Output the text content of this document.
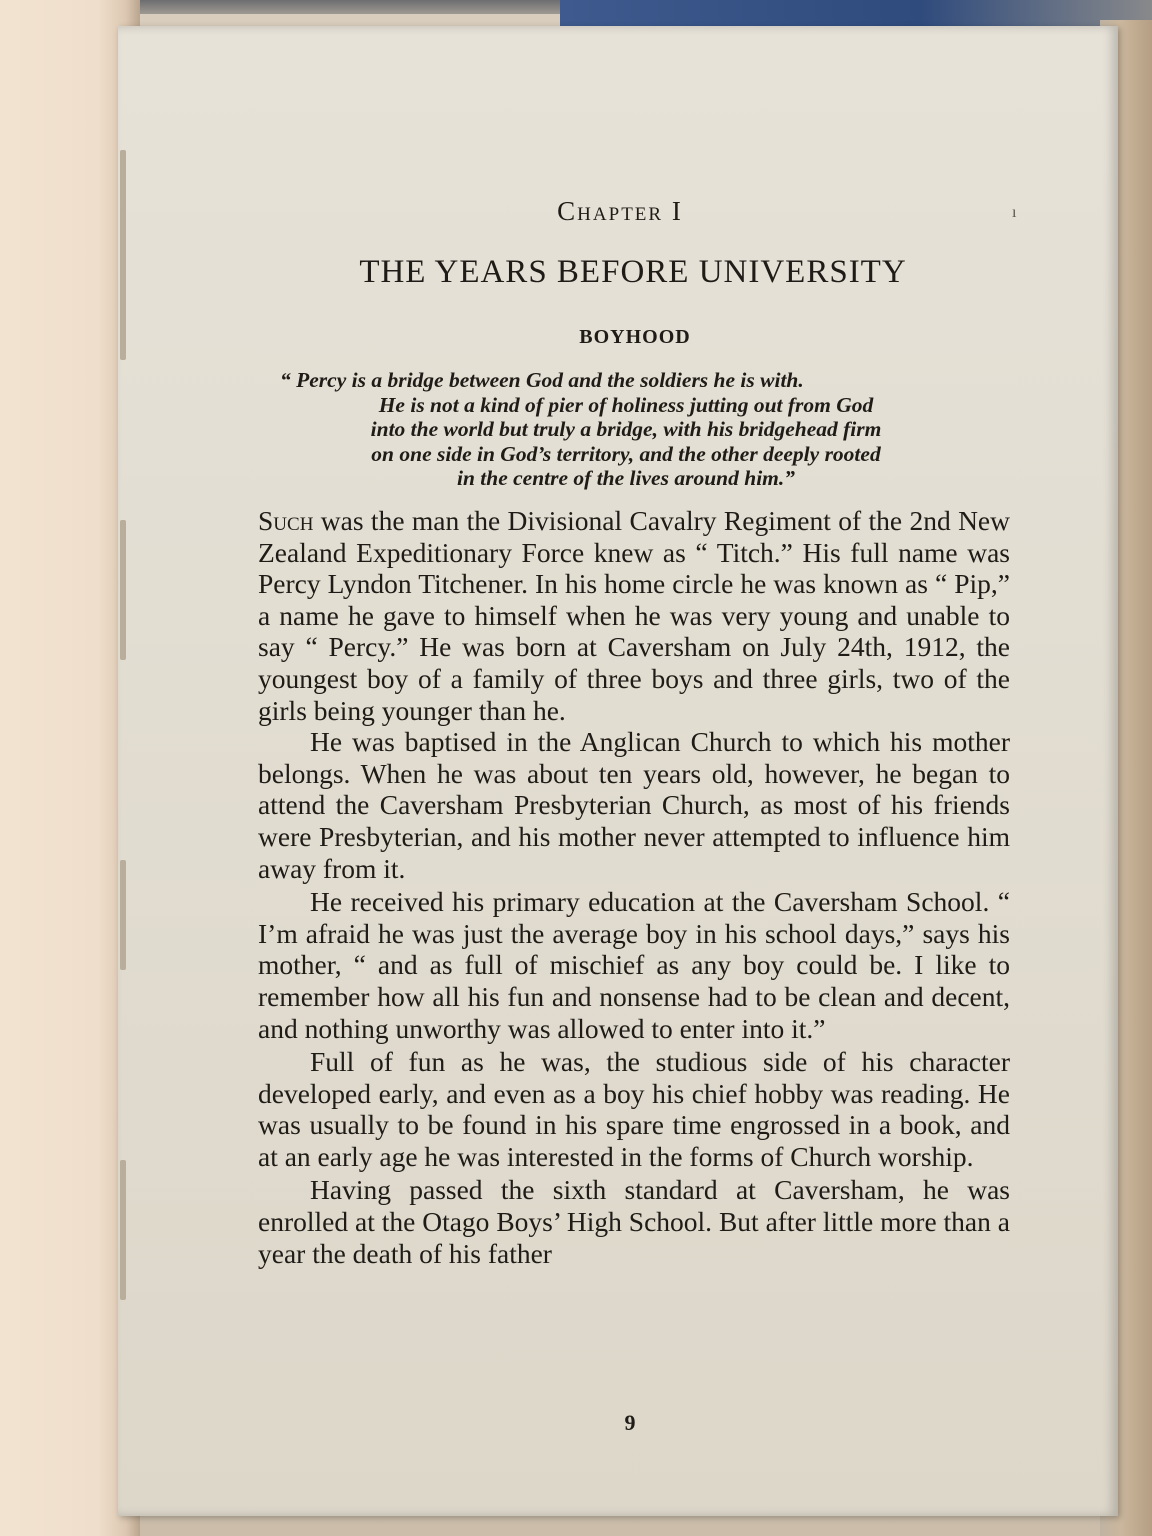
ı
Chapter I
THE YEARS BEFORE UNIVERSITY
BOYHOOD
“ Percy is a bridge between God and the soldiers he is with.
He is not a kind of pier of holiness jutting out from God
into the world but truly a bridge, with his bridgehead firm
on one side in God’s territory, and the other deeply rooted
in the centre of the lives around him.”

Such was the man the Divisional Cavalry Regiment of the 2nd New Zealand Expeditionary Force knew as “ Titch.” His full name was Percy Lyndon Titchener. In his home circle he was known as “ Pip,” a name he gave to himself when he was very young and unable to say “ Percy.” He was born at Caversham on July 24th, 1912, the youngest boy of a family of three boys and three girls, two of the girls being younger than he.

He was baptised in the Anglican Church to which his mother belongs. When he was about ten years old, however, he began to attend the Caversham Presbyterian Church, as most of his friends were Presbyterian, and his mother never attempted to influence him away from it.

He received his primary education at the Caversham School. “ I’m afraid he was just the average boy in his school days,” says his mother, “ and as full of mischief as any boy could be. I like to remember how all his fun and nonsense had to be clean and decent, and nothing unworthy was allowed to enter into it.”

Full of fun as he was, the studious side of his character developed early, and even as a boy his chief hobby was reading. He was usually to be found in his spare time engrossed in a book, and at an early age he was interested in the forms of Church worship.

Having passed the sixth standard at Caversham, he was enrolled at the Otago Boys’ High School. But after little more than a year the death of his father

9
